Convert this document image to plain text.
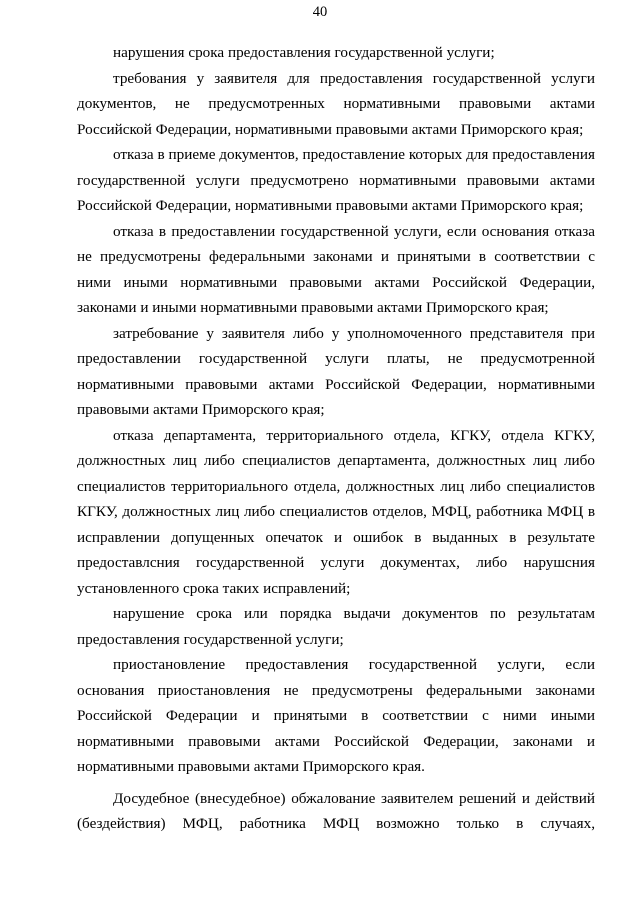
40

нарушения срока предоставления государственной услуги;

требования у заявителя для предоставления государственной услуги документов, не предусмотренных нормативными правовыми актами Российской Федерации, нормативными правовыми актами Приморского края;

отказа в приеме документов, предоставление которых для предоставления государственной услуги предусмотрено нормативными правовыми актами Российской Федерации, нормативными правовыми актами Приморского края;

отказа в предоставлении государственной услуги, если основания отказа не предусмотрены федеральными законами и принятыми в соответствии с ними иными нормативными правовыми актами Российской Федерации, законами и иными нормативными правовыми актами Приморского края;

затребование у заявителя либо у уполномоченного представителя при предоставлении государственной услуги платы, не предусмотренной нормативными правовыми актами Российской Федерации, нормативными правовыми актами Приморского края;

отказа департамента, территориального отдела, КГКУ, отдела КГКУ, должностных лиц либо специалистов департамента, должностных лиц либо специалистов территориального отдела, должностных лиц либо специалистов КГКУ, должностных лиц либо специалистов отделов, МФЦ, работника МФЦ в исправлении допущенных опечаток и ошибок в выданных в результате предоставлсния государственной услуги документах, либо нарушсния установленного срока таких исправлений;

нарушение срока или порядка выдачи документов по результатам предоставления государственной услуги;

приостановление предоставления государственной услуги, если основания приостановления не предусмотрены федеральными законами Российской Федерации и принятыми в соответствии с ними иными нормативными правовыми актами Российской Федерации, законами и нормативными правовыми актами Приморского края.

Досудебное (внесудебное) обжалование заявителем решений и действий (бездействия) МФЦ, работника МФЦ возможно только в случаях,
